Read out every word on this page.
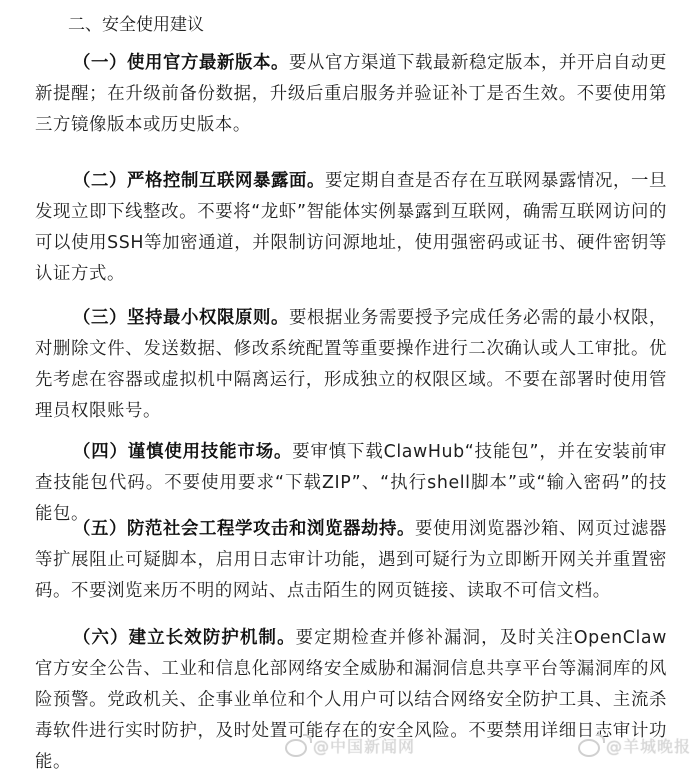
二、安全使用建议

（一）使用官方最新版本。要从官方渠道下载最新稳定版本，并开启自动更新提醒；在升级前备份数据，升级后重启服务并验证补丁是否生效。不要使用第三方镜像版本或历史版本。

（二）严格控制互联网暴露面。要定期自查是否存在互联网暴露情况，一旦发现立即下线整改。不要将“龙虾”智能体实例暴露到互联网，确需互联网访问的可以使用SSH等加密通道，并限制访问源地址，使用强密码或证书、硬件密钥等认证方式。

（三）坚持最小权限原则。要根据业务需要授予完成任务必需的最小权限，对删除文件、发送数据、修改系统配置等重要操作进行二次确认或人工审批。优先考虑在容器或虚拟机中隔离运行，形成独立的权限区域。不要在部署时使用管理员权限账号。

（四）谨慎使用技能市场。要审慎下载ClawHub“技能包”，并在安装前审查技能包代码。不要使用要求“下载ZIP”、“执行shell脚本”或“输入密码”的技能包。

（五）防范社会工程学攻击和浏览器劫持。要使用浏览器沙箱、网页过滤器等扩展阻止可疑脚本，启用日志审计功能，遇到可疑行为立即断开网关并重置密码。不要浏览来历不明的网站、点击陌生的网页链接、读取不可信文档。

（六）建立长效防护机制。要定期检查并修补漏洞，及时关注OpenClaw官方安全公告、工业和信息化部网络安全威胁和漏洞信息共享平台等漏洞库的风险预警。党政机关、企事业单位和个人用户可以结合网络安全防护工具、主流杀毒软件进行实时防护，及时处置可能存在的安全风险。不要禁用详细日志审计功能。

@中国新闻网	@羊城晚报
